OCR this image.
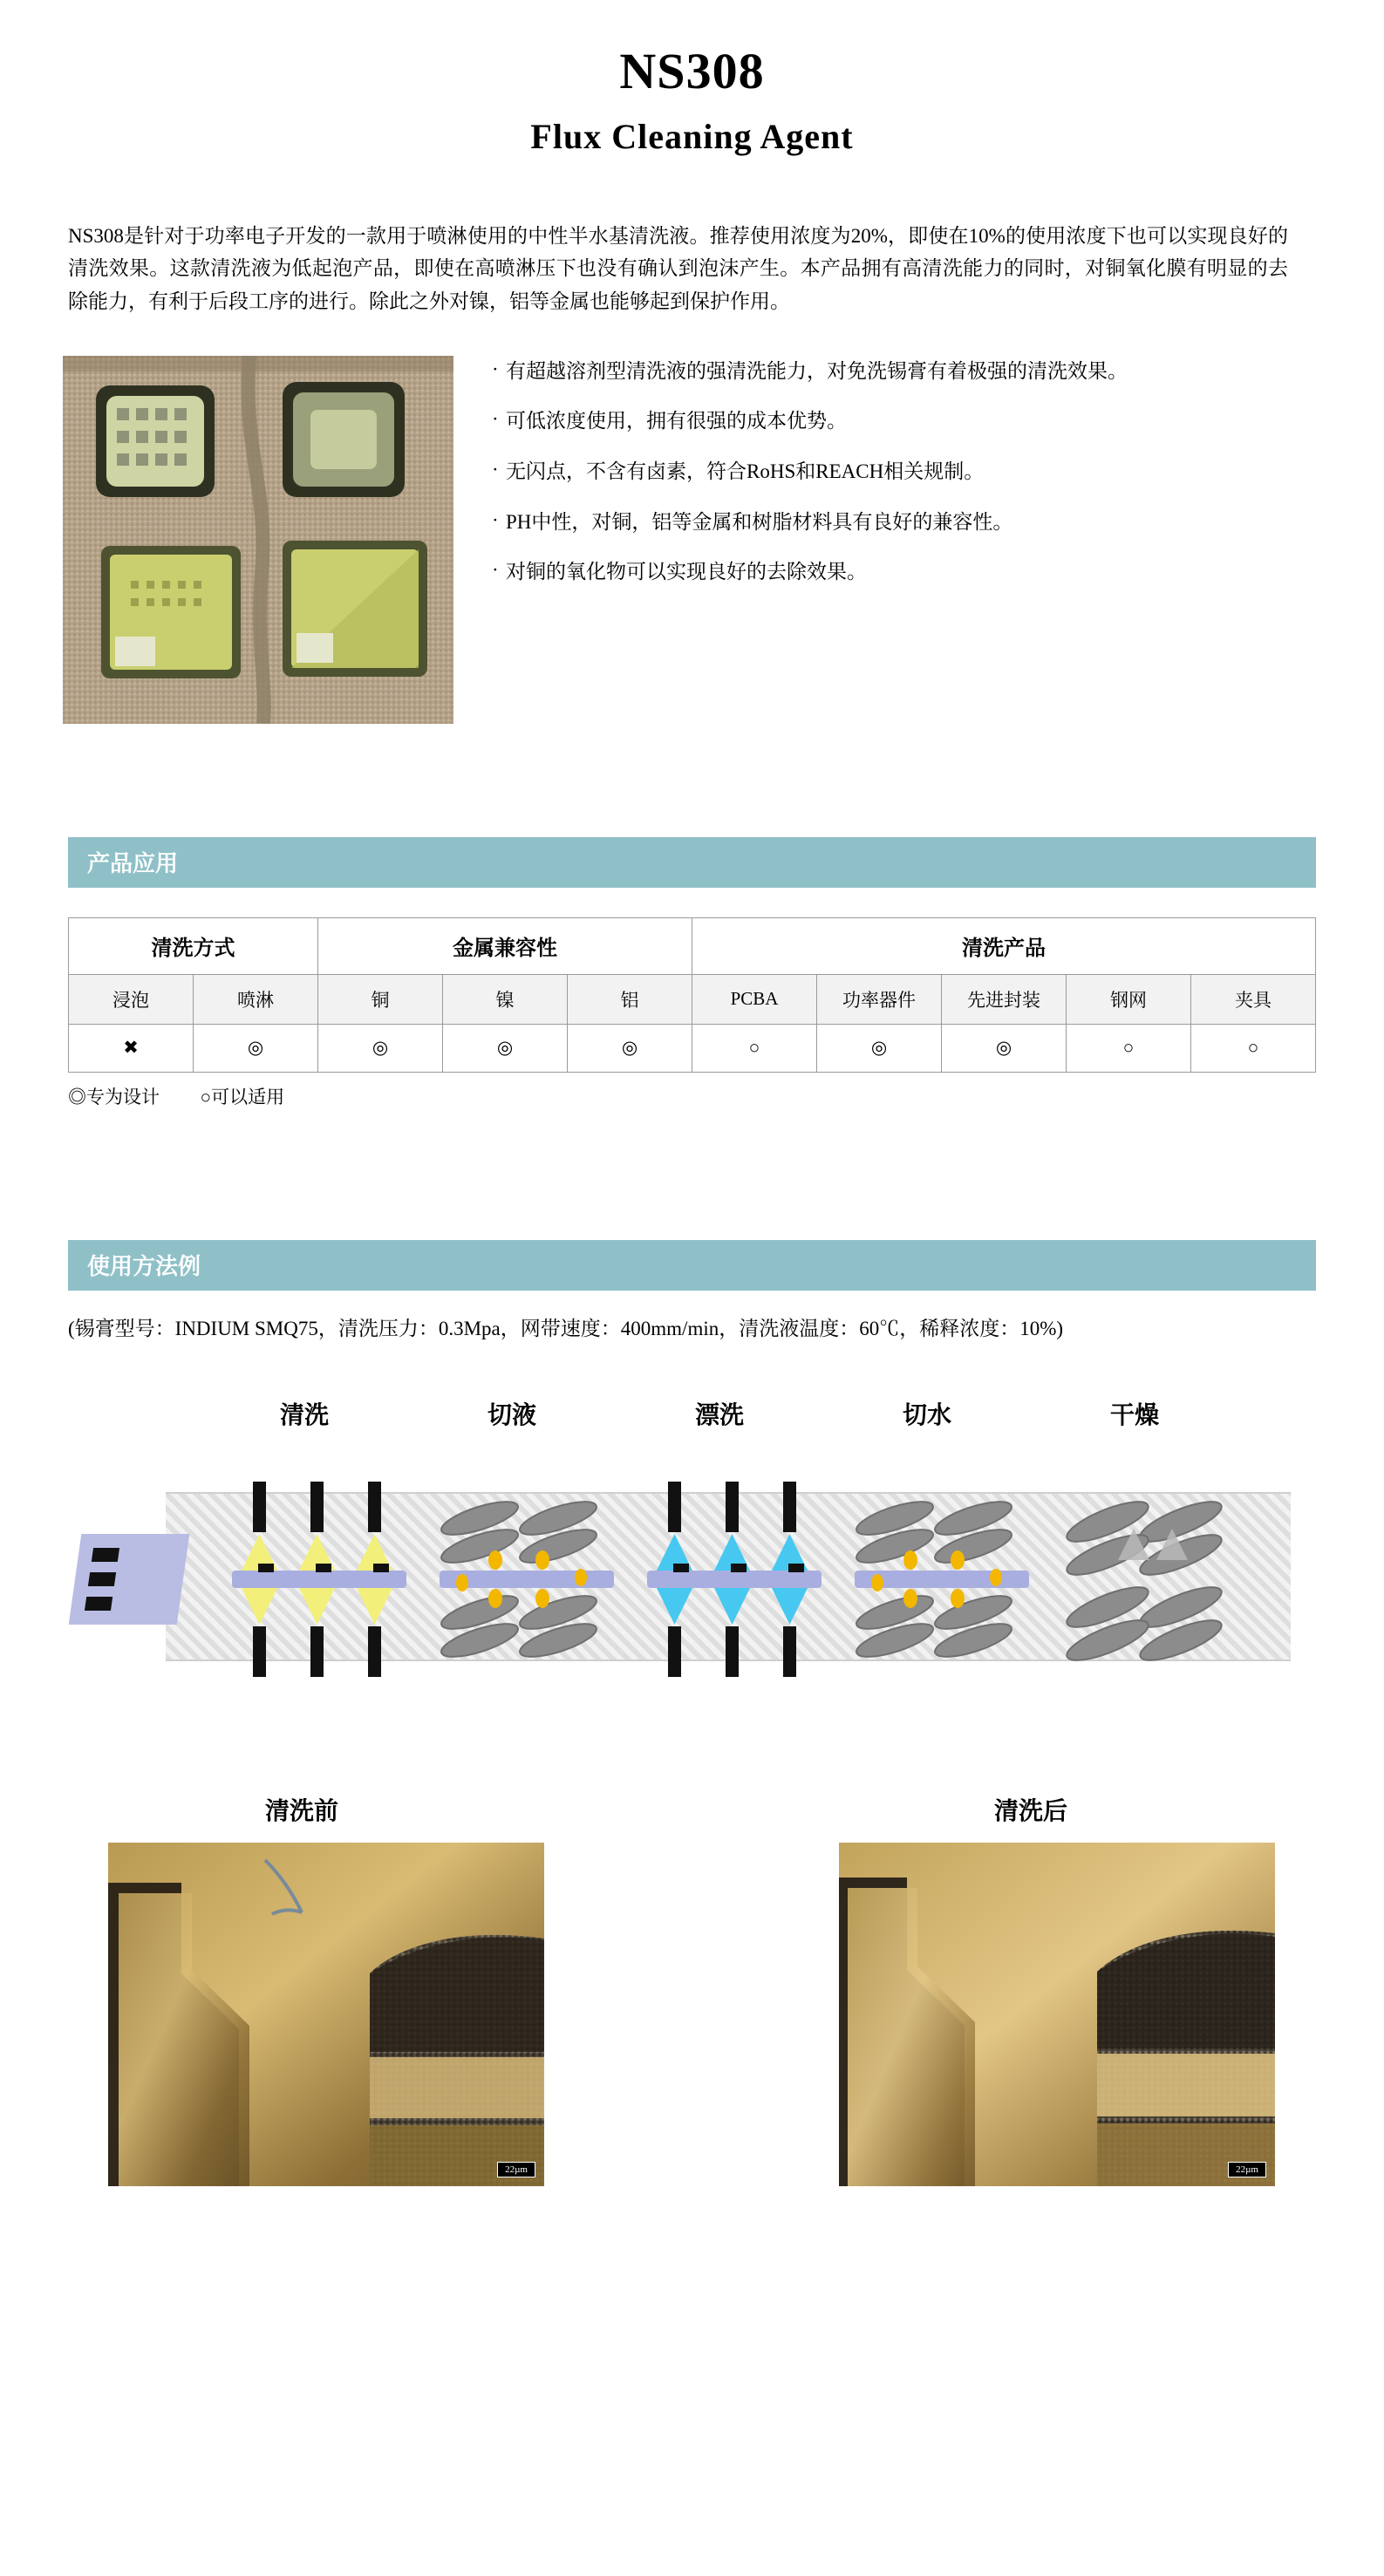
NS308
Flux Cleaning Agent
NS308是针对于功率电子开发的一款用于喷淋使用的中性半水基清洗液。推荐使用浓度为20%，即使在10%的使用浓度下也可以实现良好的清洗效果。这款清洗液为低起泡产品，即使在高喷淋压下也没有确认到泡沫产生。本产品拥有高清洗能力的同时，对铜氧化膜有明显的去除能力，有利于后段工序的进行。除此之外对镍，铝等金属也能够起到保护作用。
· 有超越溶剂型清洗液的强清洗能力，对免洗锡膏有着极强的清洗效果。
· 可低浓度使用，拥有很强的成本优势。
· 无闪点，不含有卤素，符合RoHS和REACH相关规制。
· PH中性，对铜，铝等金属和树脂材料具有良好的兼容性。
· 对铜的氧化物可以实现良好的去除效果。
产品应用
清洗方式		金属兼容性			清洗产品				
浸泡	喷淋	铜	镍	铝	PCBA	功率器件	先进封装	钢网	夹具
✖	◎	◎	◎	◎	○	◎	◎	○	○
◎专为设计 ○可以适用
使用方法例
(锡膏型号：INDIUM SMQ75，清洗压力：0.3Mpa，网带速度：400mm/min，清洗液温度：60℃，稀释浓度：10%)
清洗	切液	漂洗	切水	干燥
清洗前	清洗后
22µm	22µm
